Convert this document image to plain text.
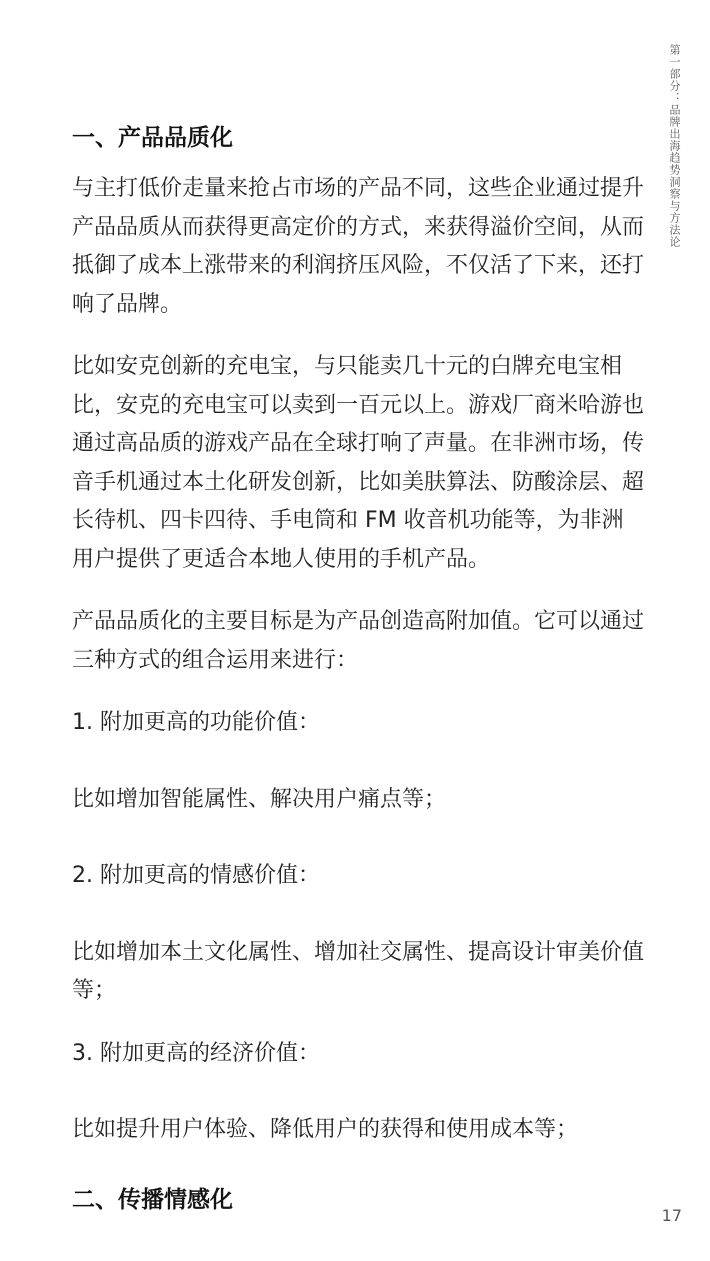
第一部分：品牌出海趋势洞察与方法论
一、产品品质化

与主打低价走量来抢占市场的产品不同，这些企业通过提升产品品质从而获得更高定价的方式，来获得溢价空间，从而抵御了成本上涨带来的利润挤压风险，不仅活了下来，还打响了品牌。

比如安克创新的充电宝，与只能卖几十元的白牌充电宝相比，安克的充电宝可以卖到一百元以上。游戏厂商米哈游也通过高品质的游戏产品在全球打响了声量。在非洲市场，传音手机通过本土化研发创新，比如美肤算法、防酸涂层、超长待机、四卡四待、手电筒和 FM 收音机功能等，为非洲用户提供了更适合本地人使用的手机产品。

产品品质化的主要目标是为产品创造高附加值。它可以通过三种方式的组合运用来进行：

1. 附加更高的功能价值：

比如增加智能属性、解决用户痛点等；

2. 附加更高的情感价值：

比如增加本土文化属性、增加社交属性、提高设计审美价值等；

3. 附加更高的经济价值：

比如提升用户体验、降低用户的获得和使用成本等；

二、传播情感化
17
